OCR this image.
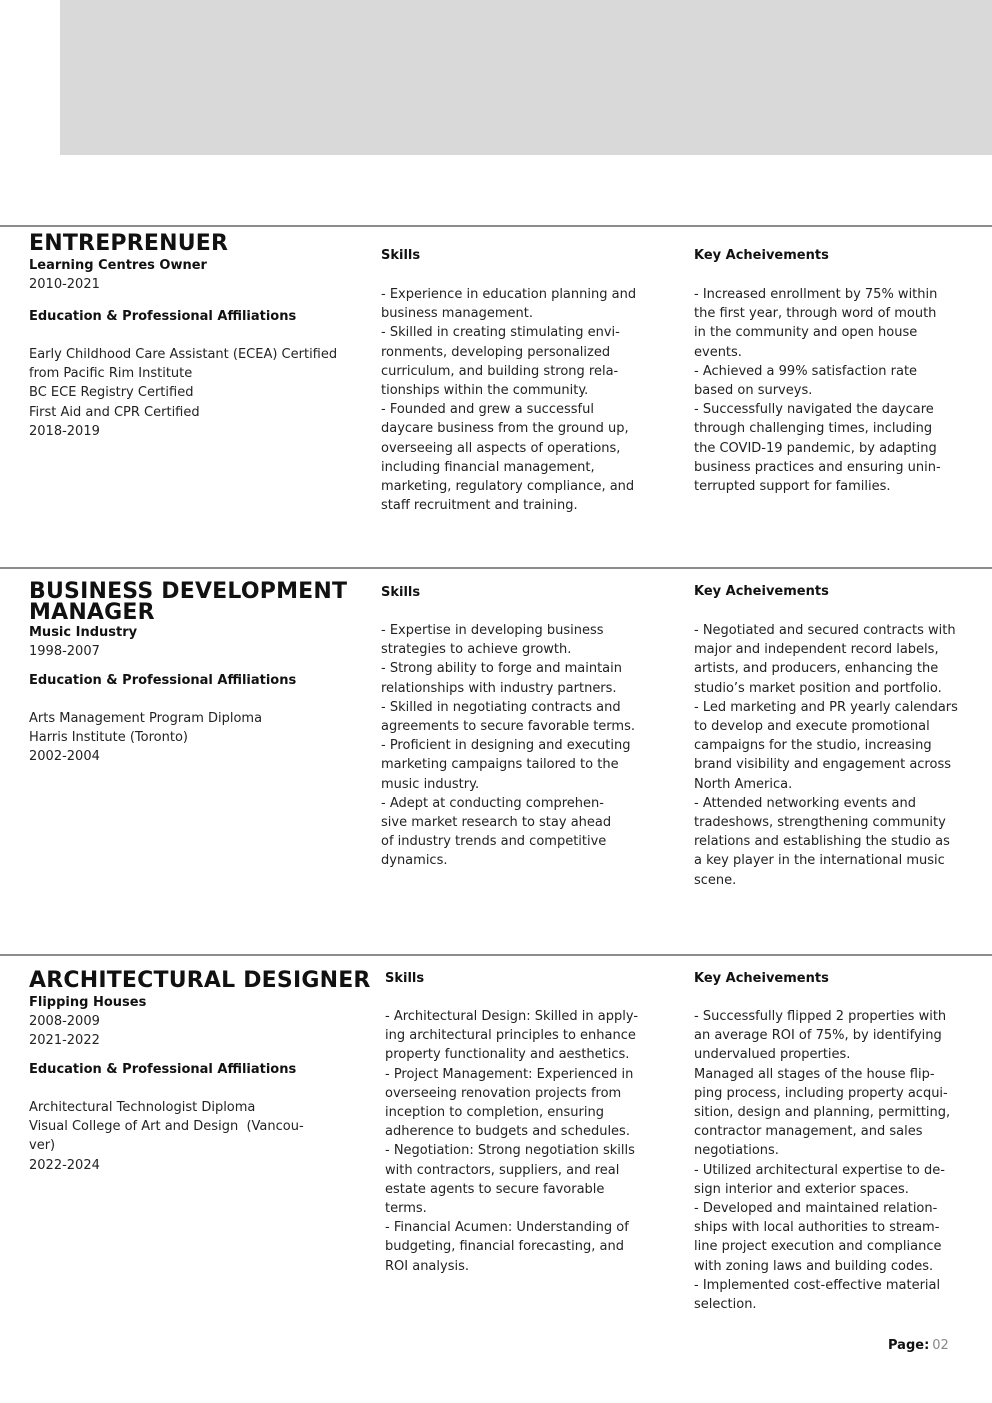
ENTREPRENUER
Learning Centres Owner
2010-2021
Education & Professional Affiliations
Early Childhood Care Assistant (ECEA) Certified
from Pacific Rim Institute
BC ECE Registry Certified
First Aid and CPR Certified
2018-2019
Skills
- Experience in education planning and
business management.
- Skilled in creating stimulating envi-
ronments, developing personalized
curriculum, and building strong rela-
tionships within the community.
- Founded and grew a successful
daycare business from the ground up,
overseeing all aspects of operations,
including financial management,
marketing, regulatory compliance, and
staff recruitment and training.
Key Acheivements
- Increased enrollment by 75% within
the first year, through word of mouth
in the community and open house
events.
- Achieved a 99% satisfaction rate
based on surveys.
- Successfully navigated the daycare
through challenging times, including
the COVID-19 pandemic, by adapting
business practices and ensuring unin-
terrupted support for families.
BUSINESS DEVELOPMENT
MANAGER
Music Industry
1998-2007
Education & Professional Affiliations
Arts Management Program Diploma
Harris Institute (Toronto)
2002-2004
Skills
- Expertise in developing business
strategies to achieve growth.
- Strong ability to forge and maintain
relationships with industry partners.
- Skilled in negotiating contracts and
agreements to secure favorable terms.
- Proficient in designing and executing
marketing campaigns tailored to the
music industry.
- Adept at conducting comprehen-
sive market research to stay ahead
of industry trends and competitive
dynamics.
Key Acheivements
- Negotiated and secured contracts with
major and independent record labels,
artists, and producers, enhancing the
studio’s market position and portfolio.
- Led marketing and PR yearly calendars
to develop and execute promotional
campaigns for the studio, increasing
brand visibility and engagement across
North America.
- Attended networking events and
tradeshows, strengthening community
relations and establishing the studio as
a key player in the international music
scene.
ARCHITECTURAL DESIGNER
Flipping Houses
2008-2009
2021-2022
Education & Professional Affiliations
Architectural Technologist Diploma
Visual College of Art and Design  (Vancou-
ver)
2022-2024
Skills
- Architectural Design: Skilled in apply-
ing architectural principles to enhance
property functionality and aesthetics.
- Project Management: Experienced in
overseeing renovation projects from
inception to completion, ensuring
adherence to budgets and schedules.
- Negotiation: Strong negotiation skills
with contractors, suppliers, and real
estate agents to secure favorable
terms.
- Financial Acumen: Understanding of
budgeting, financial forecasting, and
ROI analysis.
Key Acheivements
- Successfully flipped 2 properties with
an average ROI of 75%, by identifying
undervalued properties.
Managed all stages of the house flip-
ping process, including property acqui-
sition, design and planning, permitting,
contractor management, and sales
negotiations.
- Utilized architectural expertise to de-
sign interior and exterior spaces.
- Developed and maintained relation-
ships with local authorities to stream-
line project execution and compliance
with zoning laws and building codes.
- Implemented cost-effective material
selection.
Page: 02
